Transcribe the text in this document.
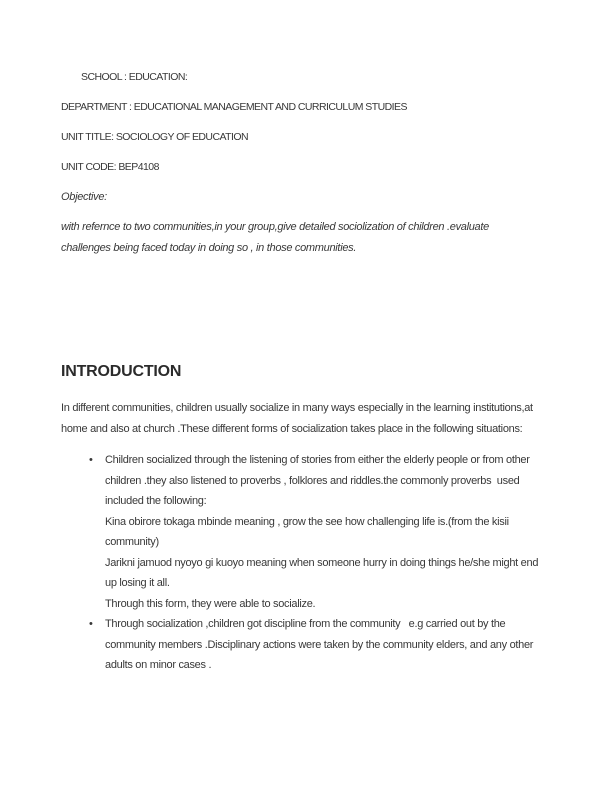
SCHOOL : EDUCATION:
DEPARTMENT : EDUCATIONAL MANAGEMENT AND CURRICULUM STUDIES
UNIT TITLE: SOCIOLOGY OF EDUCATION
UNIT CODE: BEP4108
Objective:
with refernce to two communities,in your group,give detailed sociolization of children .evaluate
challenges being faced today in doing so , in those communities.
INTRODUCTION
In different communities, children usually socialize in many ways especially in the learning institutions,at
home and also at church .These different forms of socialization takes place in the following situations:
• Children socialized through the listening of stories from either the elderly people or from other
children .they also listened to proverbs , folklores and riddles.the commonly proverbs  used
included the following:
Kina obirore tokaga mbinde meaning , grow the see how challenging life is.(from the kisii
community)
Jarikni jamuod nyoyo gi kuoyo meaning when someone hurry in doing things he/she might end
up losing it all.
Through this form, they were able to socialize.
• Through socialization ,children got discipline from the community   e.g carried out by the
community members .Disciplinary actions were taken by the community elders, and any other
adults on minor cases .
